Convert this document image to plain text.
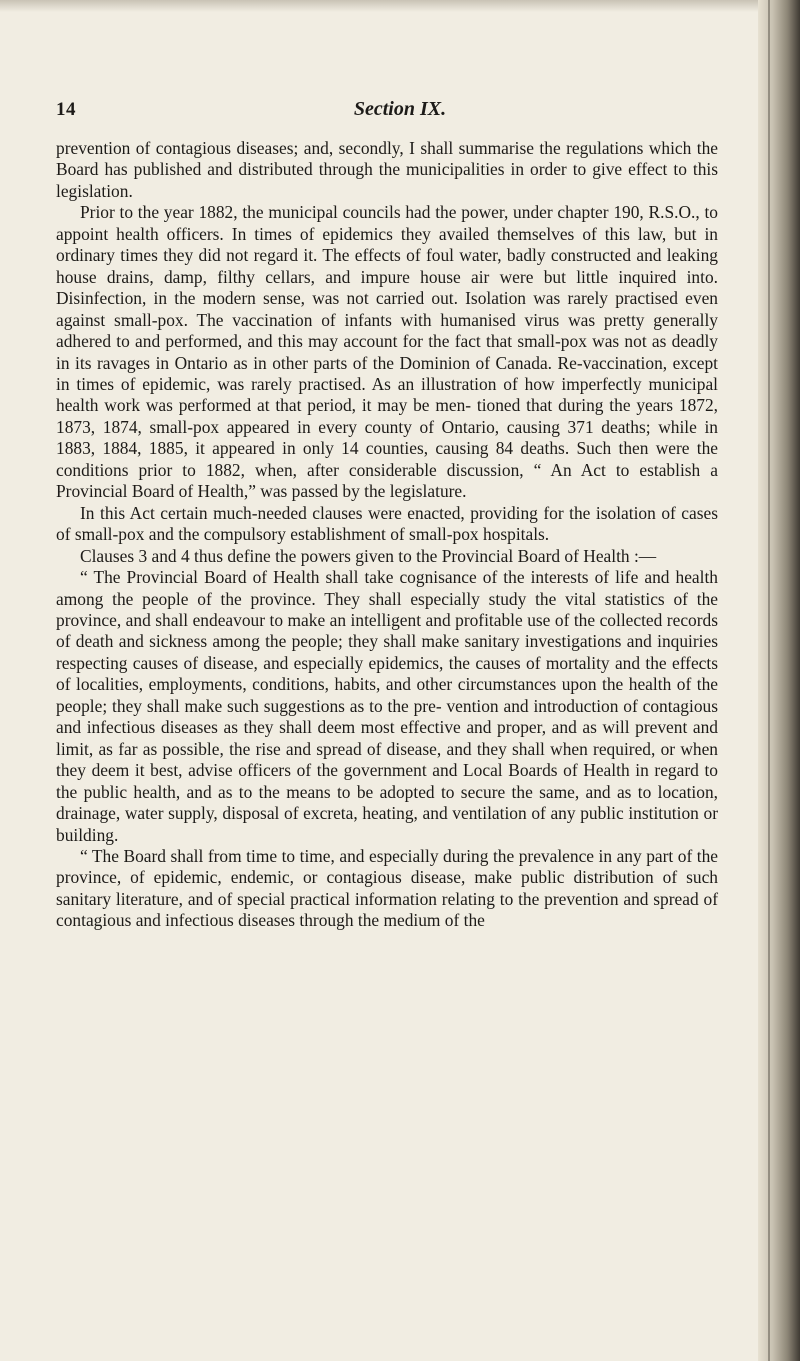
14	Section IX.

prevention of contagious diseases; and, secondly, I shall summarise the regulations which the Board has published and distributed through the municipalities in order to give effect to this legislation.

Prior to the year 1882, the municipal councils had the power, under chapter 190, R.S.O., to appoint health officers. In times of epidemics they availed themselves of this law, but in ordinary times they did not regard it. The effects of foul water, badly constructed and leaking house drains, damp, filthy cellars, and impure house air were but little inquired into. Disinfection, in the modern sense, was not carried out. Isolation was rarely practised even against small-pox. The vaccination of infants with humanised virus was pretty generally adhered to and performed, and this may account for the fact that small-pox was not as deadly in its ravages in Ontario as in other parts of the Dominion of Canada. Re-vaccination, except in times of epidemic, was rarely practised. As an illustration of how imperfectly municipal health work was performed at that period, it may be men- tioned that during the years 1872, 1873, 1874, small-pox appeared in every county of Ontario, causing 371 deaths; while in 1883, 1884, 1885, it appeared in only 14 counties, causing 84 deaths. Such then were the conditions prior to 1882, when, after considerable discussion, “ An Act to establish a Provincial Board of Health,” was passed by the legislature.

In this Act certain much-needed clauses were enacted, providing for the isolation of cases of small-pox and the compulsory establishment of small-pox hospitals.

Clauses 3 and 4 thus define the powers given to the Provincial Board of Health :—

“ The Provincial Board of Health shall take cognisance of the interests of life and health among the people of the province. They shall especially study the vital statistics of the province, and shall endeavour to make an intelligent and profitable use of the collected records of death and sickness among the people; they shall make sanitary investigations and inquiries respecting causes of disease, and especially epidemics, the causes of mortality and the effects of localities, employments, conditions, habits, and other circumstances upon the health of the people; they shall make such suggestions as to the pre- vention and introduction of contagious and infectious diseases as they shall deem most effective and proper, and as will prevent and limit, as far as possible, the rise and spread of disease, and they shall when required, or when they deem it best, advise officers of the government and Local Boards of Health in regard to the public health, and as to the means to be adopted to secure the same, and as to location, drainage, water supply, disposal of excreta, heating, and ventilation of any public institution or building.

“ The Board shall from time to time, and especially during the prevalence in any part of the province, of epidemic, endemic, or contagious disease, make public distribution of such sanitary literature, and of special practical information relating to the prevention and spread of contagious and infectious diseases through the medium of the
